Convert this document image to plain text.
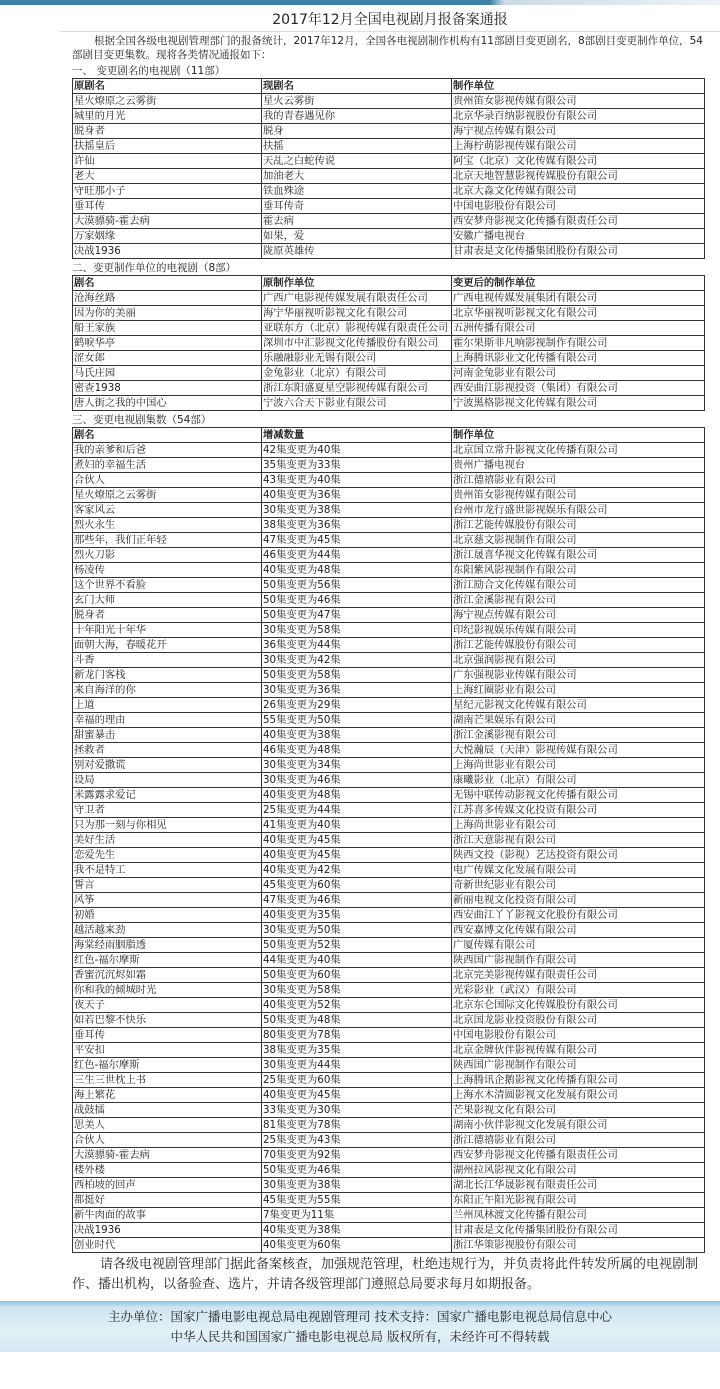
2017年12月全国电视剧月报备案通报
根据全国各级电视剧管理部门的报备统计，2017年12月，全国各电视剧制作机构有11部剧目变更剧名，8部剧目变更制作单位，54部剧目变更集数。现将各类情况通报如下：
一、 变更剧名的电视剧（11部）
原剧名	现剧名	制作单位
星火燎原之云雾街	星火云雾街	贵州笛女影视传媒有限公司
城里的月光	我的青春遇见你	北京华录百纳影视股份有限公司
脱身者	脱身	海宁视点传媒有限公司
扶摇皇后	扶摇	上海柠萌影视传媒有限公司
许仙	天乩之白蛇传说	阿宝（北京）文化传媒有限公司
老大	加油老大	北京天地智慧影视传媒股份有限公司
守旺那小子	铁血殊途	北京大淼文化传媒有限公司
垂耳传	垂耳传奇	中国电影股份有限公司
大漠骠骑-霍去病	霍去病	西安梦舟影视文化传播有限责任公司
万家姻缘	如果，爱	安徽广播电视台
决战1936	陇原英雄传	甘肃表是文化传播集团股份有限公司
二、变更制作单位的电视剧（8部）
剧名	原制作单位	变更后的制作单位
沧海丝路	广西广电影视传媒发展有限责任公司	广西电视传媒发展集团有限公司
因为你的美丽	海宁华丽视听影视文化有限公司	北京华丽视听影视文化有限公司
船王家族	亚联东方（北京）影视传媒有限责任公司	五洲传播有限公司
鹤唳华亭	深圳市中汇影视文化传播股份有限公司	霍尔果斯非凡响影视制作有限公司
涩女郎	乐融融影业无锡有限公司	上海腾讯影业文化传播有限公司
马氏庄园	金兔影业（北京）有限公司	河南金兔影业有限公司
密查1938	浙江东阳盛夏星空影视传媒有限公司	西安曲江影视投资（集团）有限公司
唐人街之我的中国心	宁波六合天下影业有限公司	宁波黑格影视文化传媒有限公司
三、变更电视剧集数（54部）
剧名	增减数量	制作单位
我的亲爹和后爸	42集变更为40集	北京国立常升影视文化传播有限公司
煮妇的幸福生活	35集变更为33集	贵州广播电视台
合伙人	43集变更为40集	浙江德禧影业有限公司
星火燎原之云雾街	40集变更为36集	贵州笛女影视传媒有限公司
客家风云	30集变更为38集	台州市龙行盛世影视娱乐有限公司
烈火永生	38集变更为36集	浙江艺能传媒股份有限公司
那些年，我们正年轻	47集变更为45集	北京慈文影视制作有限公司
烈火刀影	46集变更为44集	浙江晟喜华视文化传媒有限公司
杨凌传	40集变更为48集	东阳紫风影视制作有限公司
这个世界不看脸	50集变更为56集	浙江励合文化传媒有限公司
玄门大师	50集变更为46集	浙江金溪影视有限公司
脱身者	50集变更为47集	海宁视点传媒有限公司
十年阳光十年华	30集变更为58集	印纪影视娱乐传媒有限公司
面朝大海，春暖花开	36集变更为44集	浙江艺能传媒股份有限公司
斗香	30集变更为42集	北京强润影视有限公司
新龙门客栈	50集变更为58集	广东强视影业传媒有限公司
来自海洋的你	30集变更为36集	上海红圈影业有限公司
上道	26集变更为29集	星纪元影视文化传媒有限公司
幸福的理由	55集变更为50集	湖南芒果娱乐有限公司
甜蜜暴击	40集变更为38集	浙江金溪影视有限公司
拯救者	46集变更为48集	大悦瀚辰（天津）影视传媒有限公司
别对爱撒谎	30集变更为34集	上海尚世影业有限公司
设局	30集变更为46集	康曦影业（北京）有限公司
米露露求爱记	40集变更为48集	无锡中联传动影视文化传播有限公司
守卫者	25集变更为44集	江苏喜多传媒文化投资有限公司
只为那一刻与你相见	41集变更为40集	上海尚世影业有限公司
美好生活	40集变更为45集	浙江天意影视有限公司
恋爱先生	40集变更为45集	陕西文投（影视）艺达投资有限公司
我不是特工	40集变更为42集	电广传媒文化发展有限公司
誓言	45集变更为60集	奇新世纪影业有限公司
风筝	47集变更为46集	新丽电视文化投资有限公司
初婚	40集变更为35集	西安曲江丫丫影视文化股份有限公司
越活越来劲	30集变更为50集	西安嘉博文化传媒有限公司
海棠经雨胭脂透	50集变更为52集	广厦传媒有限公司
红色-福尔摩斯	44集变更为40集	陕西国广影视制作有限公司
香蜜沉沉烬如霜	50集变更为60集	北京完美影视传媒有限责任公司
你和我的倾城时光	30集变更为58集	光彩影业（武汉）有限公司
夜天子	40集变更为52集	北京东仑国际文化传媒股份有限公司
如若巴黎不快乐	50集变更为48集	北京国龙影业投资股份有限公司
垂耳传	80集变更为78集	中国电影股份有限公司
平安扣	38集变更为35集	北京金牌伙伴影视传媒有限公司
红色-福尔摩斯	30集变更为44集	陕西国广影视制作有限公司
三生三世枕上书	25集变更为60集	上海腾讯企鹅影视文化传播有限公司
海上繁花	40集变更为45集	上海水木清圆影视文化发展有限公司
战鼓擂	33集变更为30集	芒果影视文化有限公司
思美人	81集变更为78集	湖南小伙伴影视文化发展有限公司
合伙人	25集变更为43集	浙江德禧影业有限公司
大漠骠骑-霍去病	70集变更为92集	西安梦舟影视文化传播有限责任公司
楼外楼	50集变更为46集	湖州拉风影视文化有限公司
西柏坡的回声	30集变更为38集	湖北长江华晟影视有限责任公司
都挺好	45集变更为55集	东阳正午阳光影视有限公司
新牛肉面的故事	7集变更为11集	兰州凤林渡文化传播有限公司
决战1936	40集变更为38集	甘肃表是文化传播集团股份有限公司
创业时代	40集变更为60集	浙江华策影视股份有限公司
请各级电视剧管理部门据此备案核查，加强规范管理，杜绝违规行为，并负责将此件转发所属的电视剧制作、播出机构，以备验查、选片，并请各级管理部门遵照总局要求每月如期报备。
主办单位：国家广播电影电视总局电视剧管理司 技术支持：国家广播电影电视总局信息中心
中华人民共和国国家广播电影电视总局 版权所有，未经许可不得转载
